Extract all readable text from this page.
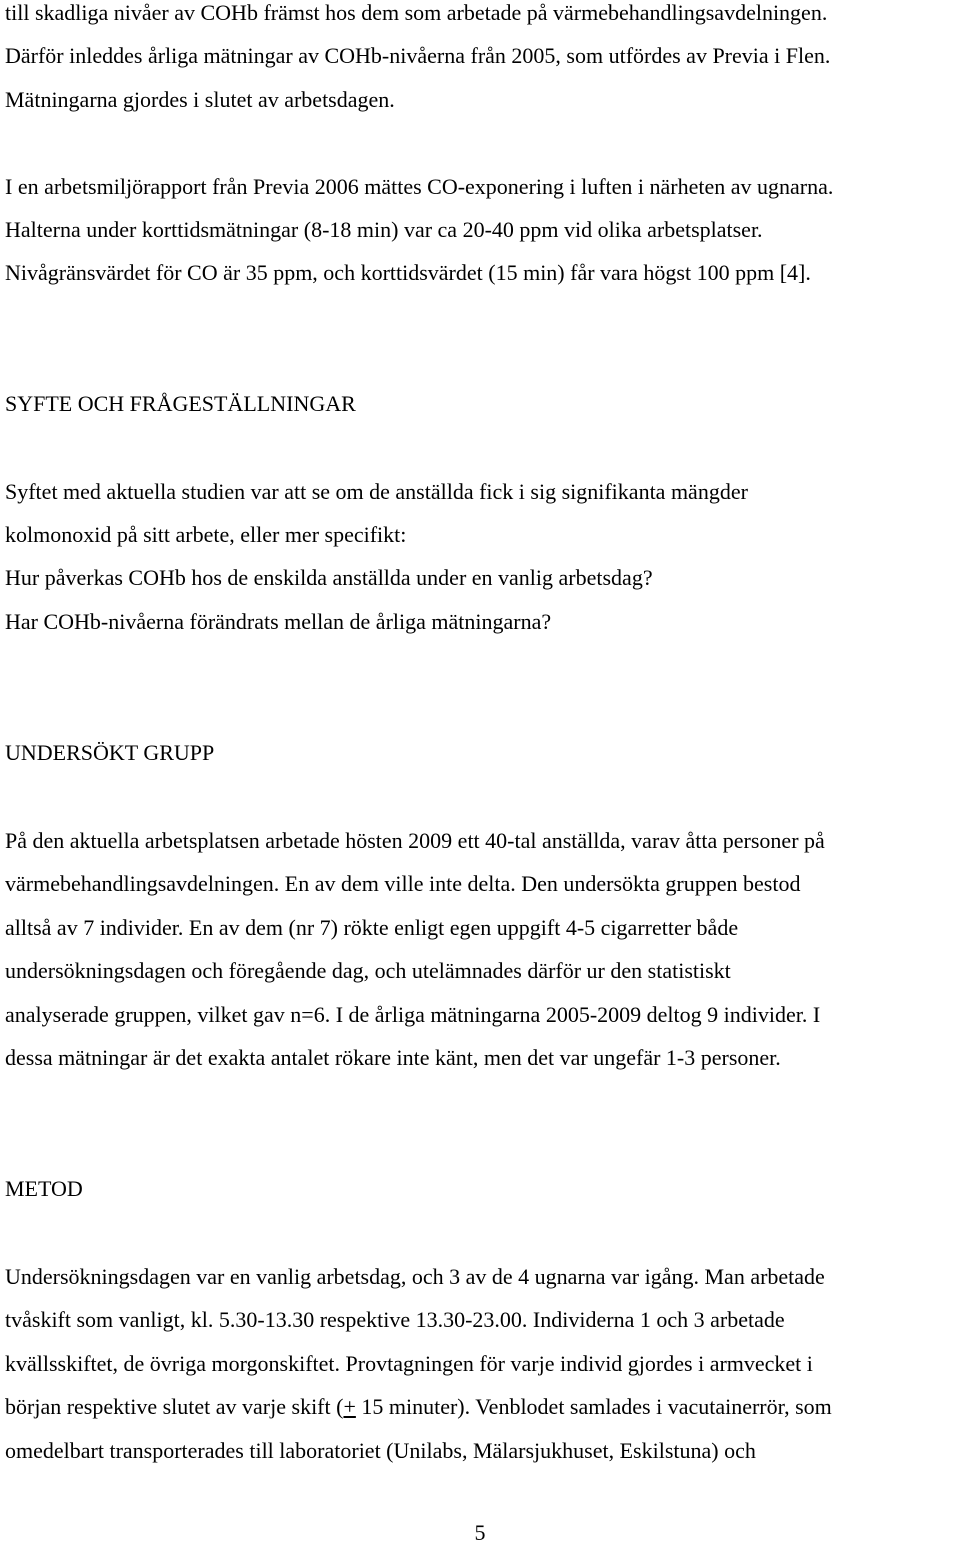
till skadliga nivåer av COHb främst hos dem som arbetade på värmebehandlingsavdelningen.
Därför inleddes årliga mätningar av COHb-nivåerna från 2005, som utfördes av Previa i Flen.
Mätningarna gjordes i slutet av arbetsdagen.
I en arbetsmiljörapport från Previa 2006 mättes CO-exponering i luften i närheten av ugnarna.
Halterna under korttidsmätningar (8-18 min) var ca 20-40 ppm vid olika arbetsplatser.
Nivågränsvärdet för CO är 35 ppm, och korttidsvärdet (15 min) får vara högst 100 ppm [4].
SYFTE OCH FRÅGESTÄLLNINGAR
Syftet med aktuella studien var att se om de anställda fick i sig signifikanta mängder
kolmonoxid på sitt arbete, eller mer specifikt:
Hur påverkas COHb hos de enskilda anställda under en vanlig arbetsdag?
Har COHb-nivåerna förändrats mellan de årliga mätningarna?
UNDERSÖKT GRUPP
På den aktuella arbetsplatsen arbetade hösten 2009 ett 40-tal anställda, varav åtta personer på
värmebehandlingsavdelningen. En av dem ville inte delta. Den undersökta gruppen bestod
alltså av 7 individer. En av dem (nr 7) rökte enligt egen uppgift 4-5 cigarretter både
undersökningsdagen och föregående dag, och utelämnades därför ur den statistiskt
analyserade gruppen, vilket gav n=6. I de årliga mätningarna 2005-2009 deltog 9 individer. I
dessa mätningar är det exakta antalet rökare inte känt, men det var ungefär 1-3 personer.
METOD
Undersökningsdagen var en vanlig arbetsdag, och 3 av de 4 ugnarna var igång. Man arbetade
tvåskift som vanligt, kl. 5.30-13.30 respektive 13.30-23.00. Individerna 1 och 3 arbetade
kvällsskiftet, de övriga morgonskiftet. Provtagningen för varje individ gjordes i armvecket i
början respektive slutet av varje skift (+ 15 minuter). Venblodet samlades i vacutainerrör, som
omedelbart transporterades till laboratoriet (Unilabs, Mälarsjukhuset, Eskilstuna) och
5
